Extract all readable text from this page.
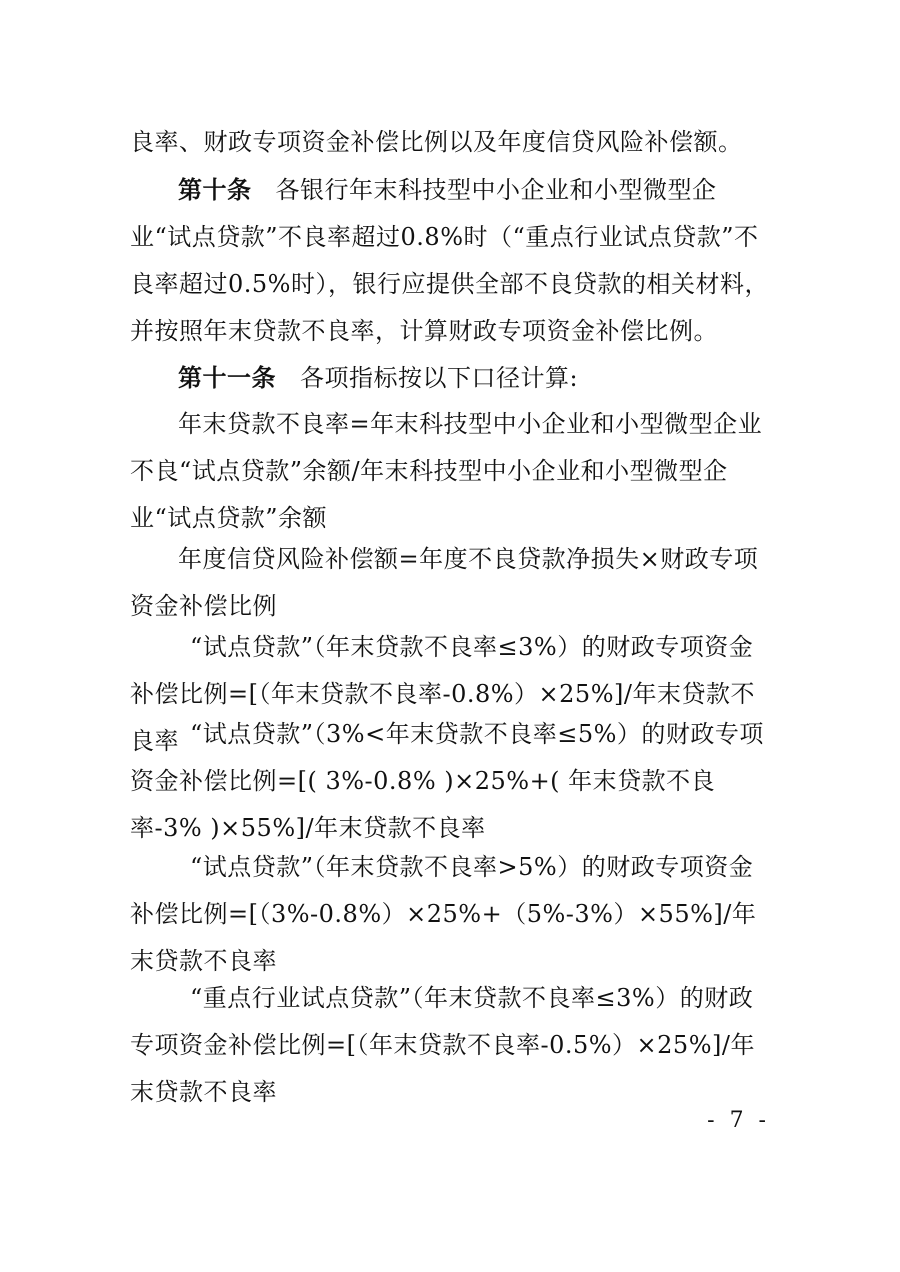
良率、财政专项资金补偿比例以及年度信贷风险补偿额。

第十条 各银行年末科技型中小企业和小型微型企业“试点贷款”不良率超过0.8%时（“重点行业试点贷款”不良率超过0.5%时），银行应提供全部不良贷款的相关材料，并按照年末贷款不良率，计算财政专项资金补偿比例。

第十一条 各项指标按以下口径计算:

年末贷款不良率=年末科技型中小企业和小型微型企业不良“试点贷款”余额/年末科技型中小企业和小型微型企业“试点贷款”余额

年度信贷风险补偿额=年度不良贷款净损失×财政专项资金补偿比例

“试点贷款”（年末贷款不良率≤3%）的财政专项资金补偿比例=[（年末贷款不良率-0.8%）×25%]/年末贷款不良率 “试点贷款”（3%<年末贷款不良率≤5%）的财政专项资金补偿比例=[( 3%-0.8% )×25%+( 年末贷款不良率-3% )×55%]/年末贷款不良率

“试点贷款”（年末贷款不良率>5%）的财政专项资金补偿比例=[（3%-0.8%）×25%+（5%-3%）×55%]/年末贷款不良率

“重点行业试点贷款”（年末贷款不良率≤3%）的财政专项资金补偿比例=[（年末贷款不良率-0.5%）×25%]/年末贷款不良率

- 7 -
